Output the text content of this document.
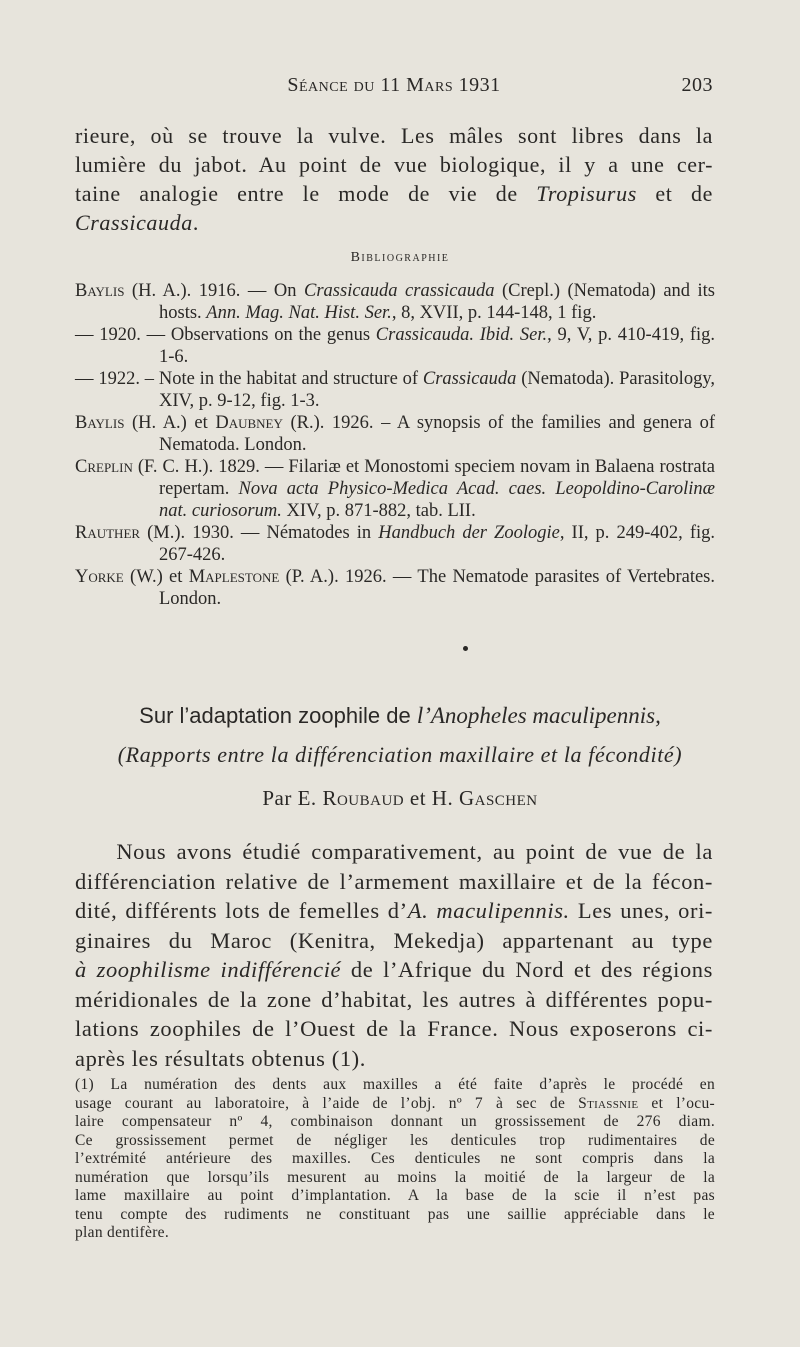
Séance du 11 Mars 1931	203
rieure, où se trouve la vulve. Les mâles sont libres dans la
lumière du jabot. Au point de vue biologique, il y a une cer-
taine analogie entre le mode de vie de Tropisurus et de
Crassicauda.
Bibliographie

Baylis (H. A.). 1916. — On Crassicauda crassicauda (Crepl.) (Nematoda) and its hosts. Ann. Mag. Nat. Hist. Ser., 8, XVII, p. 144-148, 1 fig.

— 1920. — Observations on the genus Crassicauda. Ibid. Ser., 9, V, p. 410-419, fig. 1-6.

— 1922. – Note in the habitat and structure of Crassicauda (Nematoda). Parasitology, XIV, p. 9-12, fig. 1-3.

Baylis (H. A.) et Daubney (R.). 1926. – A synopsis of the families and genera of Nematoda. London.

Creplin (F. C. H.). 1829. — Filariæ et Monostomi speciem novam in Balaena rostrata repertam. Nova acta Physico-Medica Acad. caes. Leopoldino-Carolinæ nat. curiosorum. XIV, p. 871-882, tab. LII.

Rauther (M.). 1930. — Nématodes in Handbuch der Zoologie, II, p. 249-402, fig. 267-426.

Yorke (W.) et Maplestone (P. A.). 1926. — The Nematode parasites of Vertebrates. London.

Sur l’adaptation zoophile de l’Anopheles maculipennis,
(Rapports entre la différenciation maxillaire et la fécondité)
Par E. Roubaud et H. Gaschen
Nous avons étudié comparativement, au point de vue de la
différenciation relative de l’armement maxillaire et de la fécon-
dité, différents lots de femelles d’A. maculipennis. Les unes, ori-
ginaires du Maroc (Kenitra, Mekedja) appartenant au type
à zoophilisme indifférencié de l’Afrique du Nord et des régions
méridionales de la zone d’habitat, les autres à différentes popu-
lations zoophiles de l’Ouest de la France. Nous exposerons ci-
après les résultats obtenus (1).
(1) La numération des dents aux maxilles a été faite d’après le procédé en
usage courant au laboratoire, à l’aide de l’obj. nº 7 à sec de Stiassnie et l’ocu-
laire compensateur nº 4, combinaison donnant un grossissement de 276 diam.
Ce grossissement permet de négliger les denticules trop rudimentaires de
l’extrémité antérieure des maxilles. Ces denticules ne sont compris dans la
numération que lorsqu’ils mesurent au moins la moitié de la largeur de la
lame maxillaire au point d’implantation. A la base de la scie il n’est pas
tenu compte des rudiments ne constituant pas une saillie appréciable dans le
plan dentifère.
